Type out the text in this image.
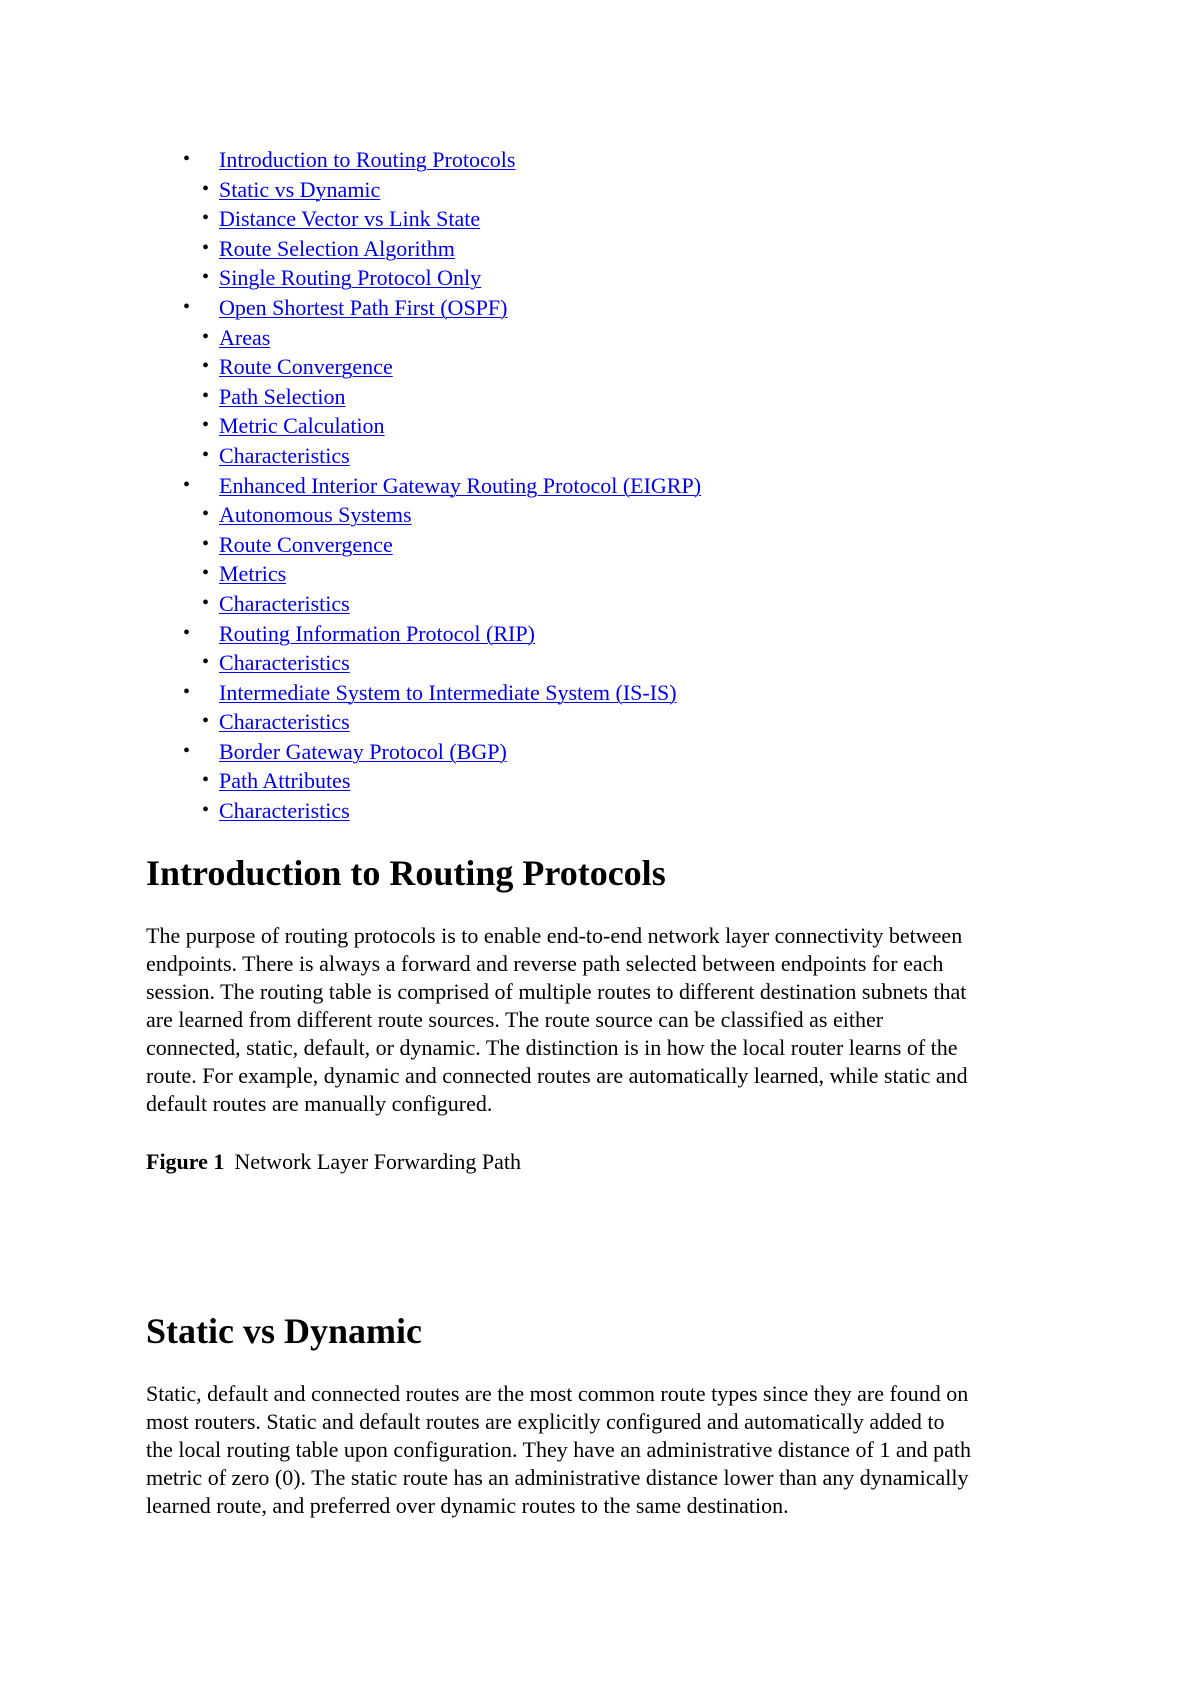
• Introduction to Routing Protocols
• Static vs Dynamic
• Distance Vector vs Link State
• Route Selection Algorithm
• Single Routing Protocol Only
• Open Shortest Path First (OSPF)
• Areas
• Route Convergence
• Path Selection
• Metric Calculation
• Characteristics
• Enhanced Interior Gateway Routing Protocol (EIGRP)
• Autonomous Systems
• Route Convergence
• Metrics
• Characteristics
• Routing Information Protocol (RIP)
• Characteristics
• Intermediate System to Intermediate System (IS-IS)
• Characteristics
• Border Gateway Protocol (BGP)
• Path Attributes
• Characteristics
Introduction to Routing Protocols
The purpose of routing protocols is to enable end-to-end network layer connectivity between
endpoints. There is always a forward and reverse path selected between endpoints for each
session. The routing table is comprised of multiple routes to different destination subnets that
are learned from different route sources. The route source can be classified as either
connected, static, default, or dynamic. The distinction is in how the local router learns of the
route. For example, dynamic and connected routes are automatically learned, while static and
default routes are manually configured.

Figure 1 Network Layer Forwarding Path

Static vs Dynamic
Static, default and connected routes are the most common route types since they are found on
most routers. Static and default routes are explicitly configured and automatically added to
the local routing table upon configuration. They have an administrative distance of 1 and path
metric of zero (0). The static route has an administrative distance lower than any dynamically
learned route, and preferred over dynamic routes to the same destination.
